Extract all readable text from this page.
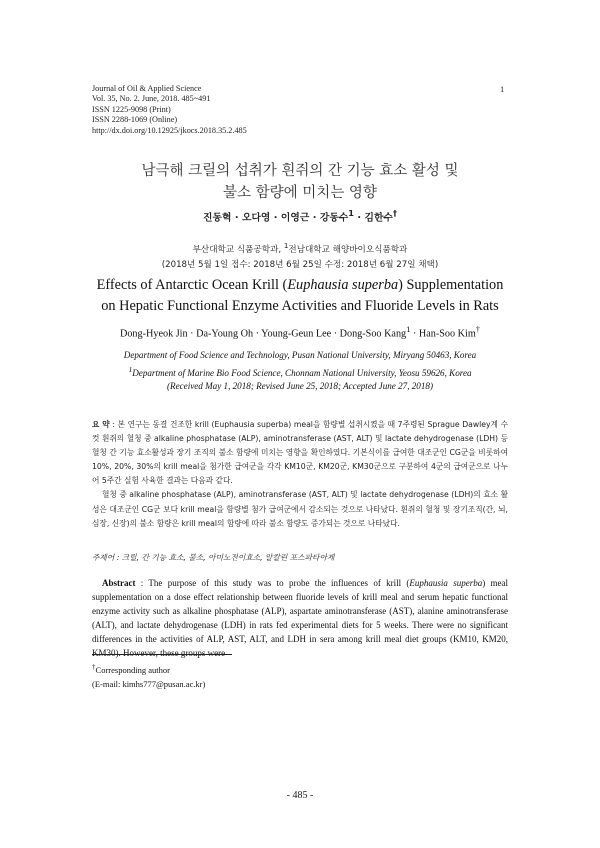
Journal of Oil & Applied Science
Vol. 35, No. 2. June, 2018. 485~491
ISSN 1225-9098 (Print)
ISSN 2288-1069 (Online)
http://dx.doi.org/10.12925/jkocs.2018.35.2.485
1
남극해 크릴의 섭취가 흰쥐의 간 기능 효소 활성 및
불소 함량에 미치는 영향
진동혁 · 오다영 · 이영근 · 강동수$^1$ · 김한수†
부산대학교 식품공학과, $^1$전남대학교 해양바이오식품학과
(2018년 5월 1일 접수: 2018년 6월 25일 수정: 2018년 6월 27일 채택)
Effects of Antarctic Ocean Krill (Euphausia superba) Supplementation
on Hepatic Functional Enzyme Activities and Fluoride Levels in Rats
Dong-Hyeok Jin · Da-Young Oh · Young-Geun Lee · Dong-Soo Kang$^1$ · Han-Soo Kim†
Department of Food Science and Technology, Pusan National University, Miryang 50463, Korea
$^1$Department of Marine Bio Food Science, Chonnam National University, Yeosu 59626, Korea
(Received May 1, 2018; Revised June 25, 2018; Accepted June 27, 2018)

요 약 : 본 연구는 동결 건조한 krill (Euphausia superba) meal을 함량별 섭취시켰을 때 7주령된 Sprague Dawley계 수컷 흰쥐의 혈청 중 alkaline phosphatase (ALP), aminotransferase (AST, ALT) 및 lactate dehydrogenase (LDH) 등 혈청 간 기능 효소활성과 장기 조직의 불소 함량에 미치는 영향을 확인하였다. 기본식이를 급여한 대조군인 CG군을 비롯하여 10%, 20%, 30%의 krill meal을 첨가한 급여군을 각각 KM10군, KM20군, KM30군으로 구분하여 4군의 급여군으로 나누어 5주간 실험 사육한 결과는 다음과 같다.

혈청 중 alkaline phosphatase (ALP), aminotransferase (AST, ALT) 및 lactate dehydrogenase (LDH)의 효소 활성은 대조군인 CG군 보다 krill meal을 함량별 첨가 급여군에서 감소되는 것으로 나타났다. 흰쥐의 혈청 및 장기조직(간, 뇌, 심장, 신장)의 불소 함량은 krill meal의 함량에 따라 불소 함량도 증가되는 것으로 나타났다.

주제어 : 크릴, 간 기능 효소, 불소, 아미노전이효소, 알칼린 포스파타아제

Abstract : The purpose of this study was to probe the influences of krill (Euphausia superba) meal supplementation on a dose effect relationship between fluoride levels of krill meal and serum hepatic functional enzyme activity such as alkaline phosphatase (ALP), aspartate aminotransferase (AST), alanine aminotransferase (ALT), and lactate dehydrogenase (LDH) in rats fed experimental diets for 5 weeks. There were no significant differences in the activities of ALP, AST, ALT, and LDH in sera among krill meal diet groups (KM10, KM20, KM30). However, these groups were

†Corresponding author
(E-mail: kimhs777@pusan.ac.kr)
- 485 -
